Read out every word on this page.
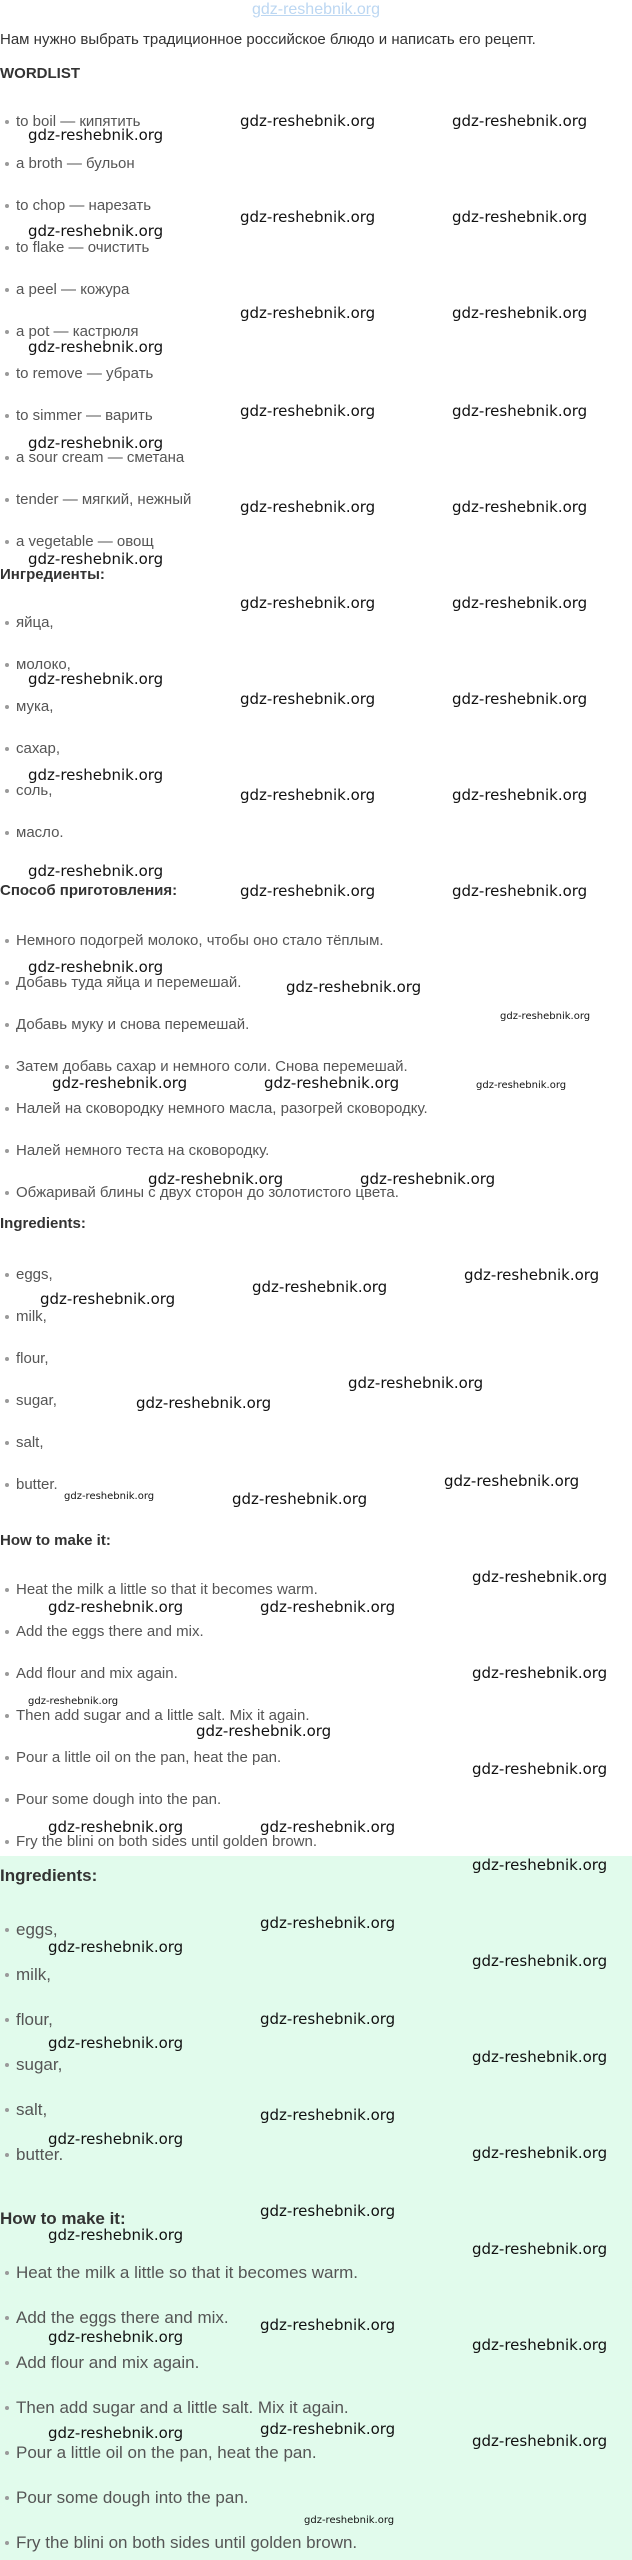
gdz-reshebnik.org
Нам нужно выбрать традиционное российское блюдо и написать его рецепт.
WORDLIST
to boil — кипятить
a broth — бульон
to chop — нарезать
to flake — очистить
a peel — кожура
a pot — кастрюля
to remove — убрать
to simmer — варить
a sour cream — сметана
tender — мягкий, нежный
a vegetable — овощ
Ингредиенты:
яйца,
молоко,
мука,
сахар,
соль,
масло.
Способ приготовления:
Немного подогрей молоко, чтобы оно стало тёплым.
Добавь туда яйца и перемешай.
Добавь муку и снова перемешай.
Затем добавь сахар и немного соли. Снова перемешай.
Налей на сковородку немного масла, разогрей сковородку.
Налей немного теста на сковородку.
Обжаривай блины с двух сторон до золотистого цвета.
Ingredients:
eggs,
milk,
flour,
sugar,
salt,
butter.
How to make it:
Heat the milk a little so that it becomes warm.
Add the eggs there and mix.
Add flour and mix again.
Then add sugar and a little salt. Mix it again.
Pour a little oil on the pan, heat the pan.
Pour some dough into the pan.
Fry the blini on both sides until golden brown.
Ingredients:
eggs,
milk,
flour,
sugar,
salt,
butter.
How to make it:
Heat the milk a little so that it becomes warm.
Add the eggs there and mix.
Add flour and mix again.
Then add sugar and a little salt. Mix it again.
Pour a little oil on the pan, heat the pan.
Pour some dough into the pan.
Fry the blini on both sides until golden brown.
gdz-reshebnik.org
gdz-reshebnik.org	gdz-reshebnik.org
gdz-reshebnik.org	gdz-reshebnik.org
gdz-reshebnik.org
gdz-reshebnik.org	gdz-reshebnik.org
gdz-reshebnik.org
gdz-reshebnik.org	gdz-reshebnik.org
gdz-reshebnik.org
gdz-reshebnik.org	gdz-reshebnik.org
gdz-reshebnik.org
gdz-reshebnik.org	gdz-reshebnik.org
gdz-reshebnik.org
gdz-reshebnik.org	gdz-reshebnik.org
gdz-reshebnik.org
gdz-reshebnik.org	gdz-reshebnik.org
gdz-reshebnik.org
gdz-reshebnik.org	gdz-reshebnik.org
gdz-reshebnik.org
gdz-reshebnik.org
gdz-reshebnik.org
gdz-reshebnik.org	gdz-reshebnik.org	gdz-reshebnik.org
gdz-reshebnik.org	gdz-reshebnik.org
gdz-reshebnik.org
gdz-reshebnik.org
gdz-reshebnik.org
gdz-reshebnik.org
gdz-reshebnik.org
gdz-reshebnik.org
gdz-reshebnik.org	gdz-reshebnik.org
gdz-reshebnik.org
gdz-reshebnik.org	gdz-reshebnik.org
gdz-reshebnik.org
gdz-reshebnik.org
gdz-reshebnik.org
gdz-reshebnik.org
gdz-reshebnik.org	gdz-reshebnik.org
gdz-reshebnik.org
gdz-reshebnik.org
gdz-reshebnik.org
gdz-reshebnik.org
gdz-reshebnik.org
gdz-reshebnik.org
gdz-reshebnik.org
gdz-reshebnik.org
gdz-reshebnik.org
gdz-reshebnik.org
gdz-reshebnik.org
gdz-reshebnik.org
gdz-reshebnik.org
gdz-reshebnik.org
gdz-reshebnik.org	gdz-reshebnik.org
gdz-reshebnik.org
gdz-reshebnik.org	gdz-reshebnik.org
gdz-reshebnik.org
